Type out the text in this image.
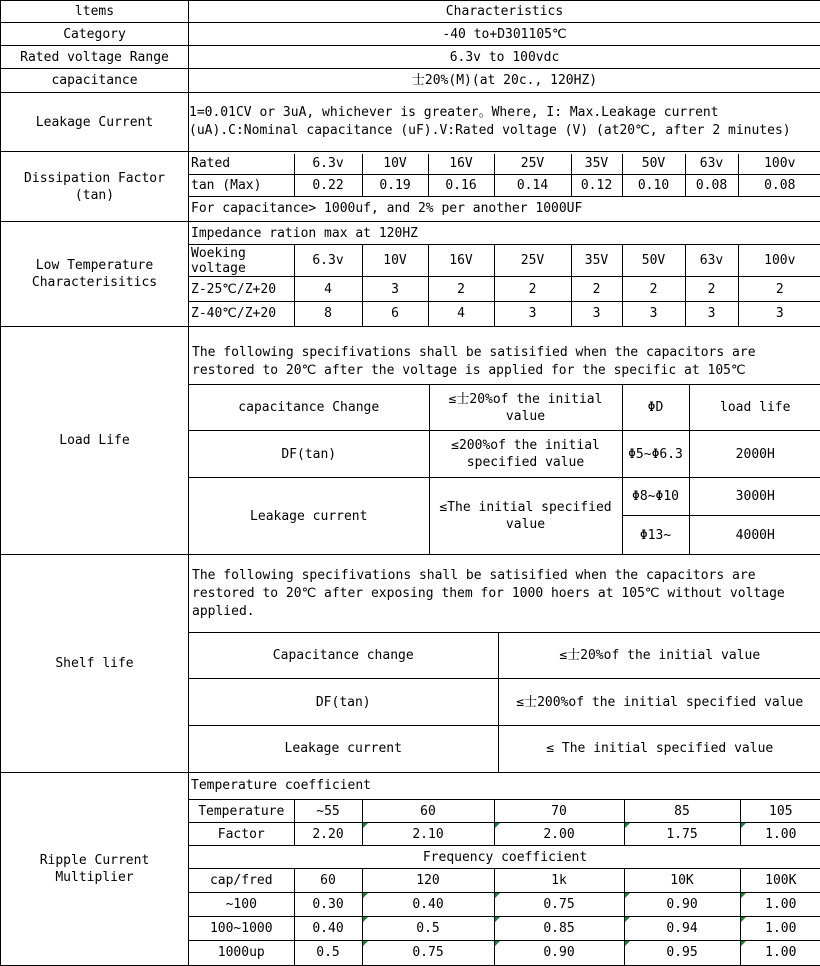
ltems	Characteristics
Category	-40 to+D301105℃
Rated voltage Range	6.3v to 100vdc
capacitance	士20%(M)(at 20c., 120HZ)
Leakage Current	1=0.01CV or 3uA, whichever is greater。Where, I: Max.Leakage current (uA).C:Nominal capacitance (uF).V:Rated voltage (V) (at20℃, after 2 minutes)

Dissipation Factor
(tan)

Rated	6.3v	10V	16V	25V	35V	50V	63v	100v
tan (Max)	0.22	0.19	0.16	0.14	0.12	0.10	0.08	0.08
For capacitance> 1000uf, and 2% per another 1000UF

Low Temperature
Characterisitics

Impedance ration max at 120HZ
Woeking voltage	6.3v	10V	16V	25V	35V	50V	63v	100v
Z-25℃/Z+20	4	3	2	2	2	2	2	2
Z-40℃/Z+20	8	6	4	3	3	3	3	3

Load Life	
The following specifivations shall be satisified when the capacitors are restored to 20℃ after the voltage is applied for the specific at 105℃

capacitance Change	≤士20%of the initial value	ΦD	load life
DF(tan)	≤200%of the initial specified value	Φ5~Φ6.3	2000H
Leakage current	≤The initial specified value	Φ8~Φ10	3000H
Φ13~	4000H

Shelf life	
The following specifivations shall be satisified when the capacitors are restored to 20℃ after exposing them for 1000 hoers at 105℃ without voltage applied.

Capacitance change	≤士20%of the initial value
DF(tan)	≤士200%of the initial specified value
Leakage current	≤ The initial specified value

Ripple Current
Multiplier

Temperature coefficient
Temperature	~55	60	70	85	105
Factor	2.20	2.10	2.00	1.75	1.00
Frequency coefficient
cap/fred	60	120	1k	10K	100K
~100	0.30	0.40	0.75	0.90	1.00
100~1000	0.40	0.5	0.85	0.94	1.00
1000up	0.5	0.75	0.90	0.95	1.00
